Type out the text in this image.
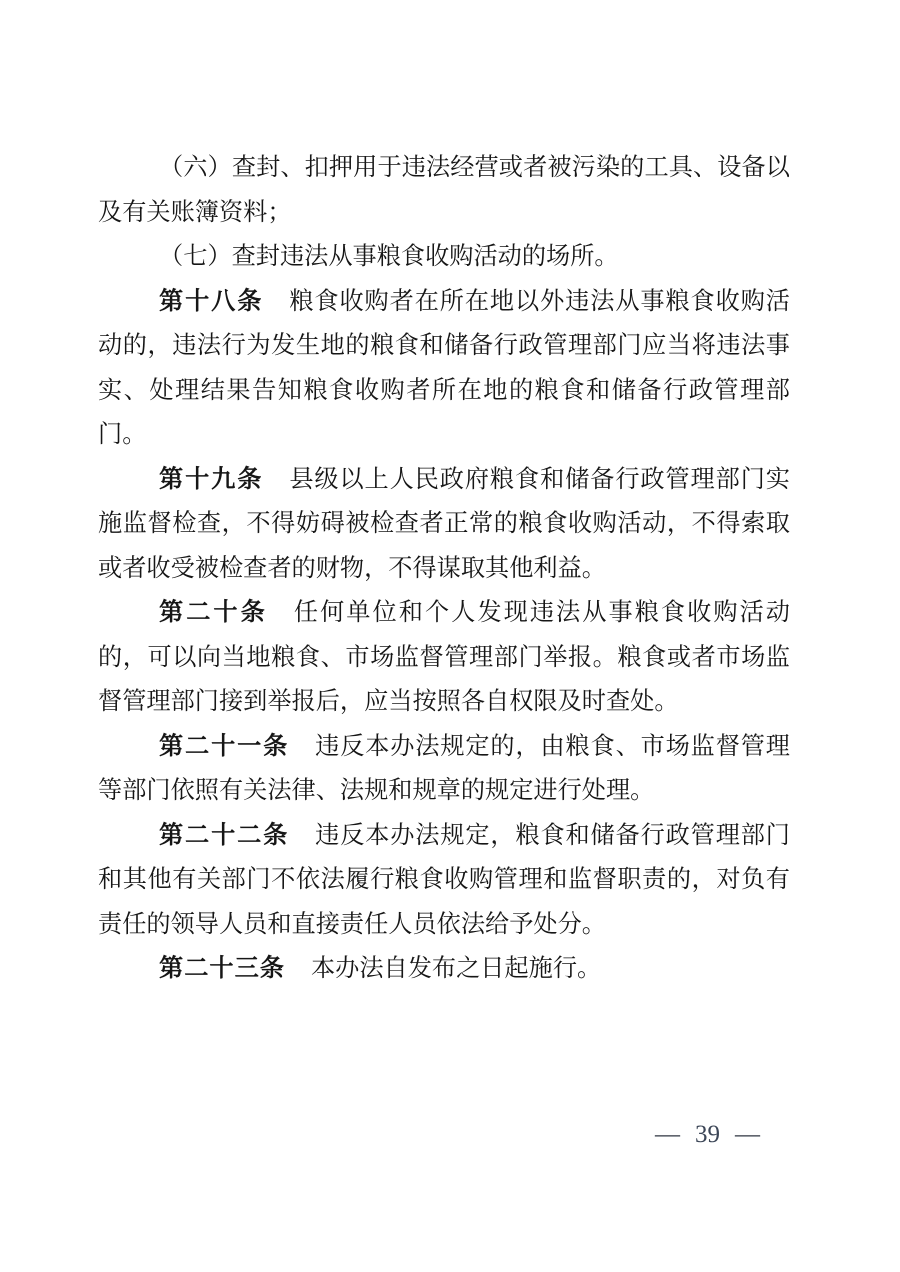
（六）查封、扣押用于违法经营或者被污染的工具、设备以及有关账簿资料；

（七）查封违法从事粮食收购活动的场所。

第十八条 粮食收购者在所在地以外违法从事粮食收购活动的，违法行为发生地的粮食和储备行政管理部门应当将违法事实、处理结果告知粮食收购者所在地的粮食和储备行政管理部门。

第十九条 县级以上人民政府粮食和储备行政管理部门实施监督检查，不得妨碍被检查者正常的粮食收购活动，不得索取或者收受被检查者的财物，不得谋取其他利益。

第二十条 任何单位和个人发现违法从事粮食收购活动的，可以向当地粮食、市场监督管理部门举报。粮食或者市场监督管理部门接到举报后，应当按照各自权限及时查处。

第二十一条 违反本办法规定的，由粮食、市场监督管理等部门依照有关法律、法规和规章的规定进行处理。

第二十二条 违反本办法规定，粮食和储备行政管理部门和其他有关部门不依法履行粮食收购管理和监督职责的，对负有责任的领导人员和直接责任人员依法给予处分。

第二十三条 本办法自发布之日起施行。

— 39 —
